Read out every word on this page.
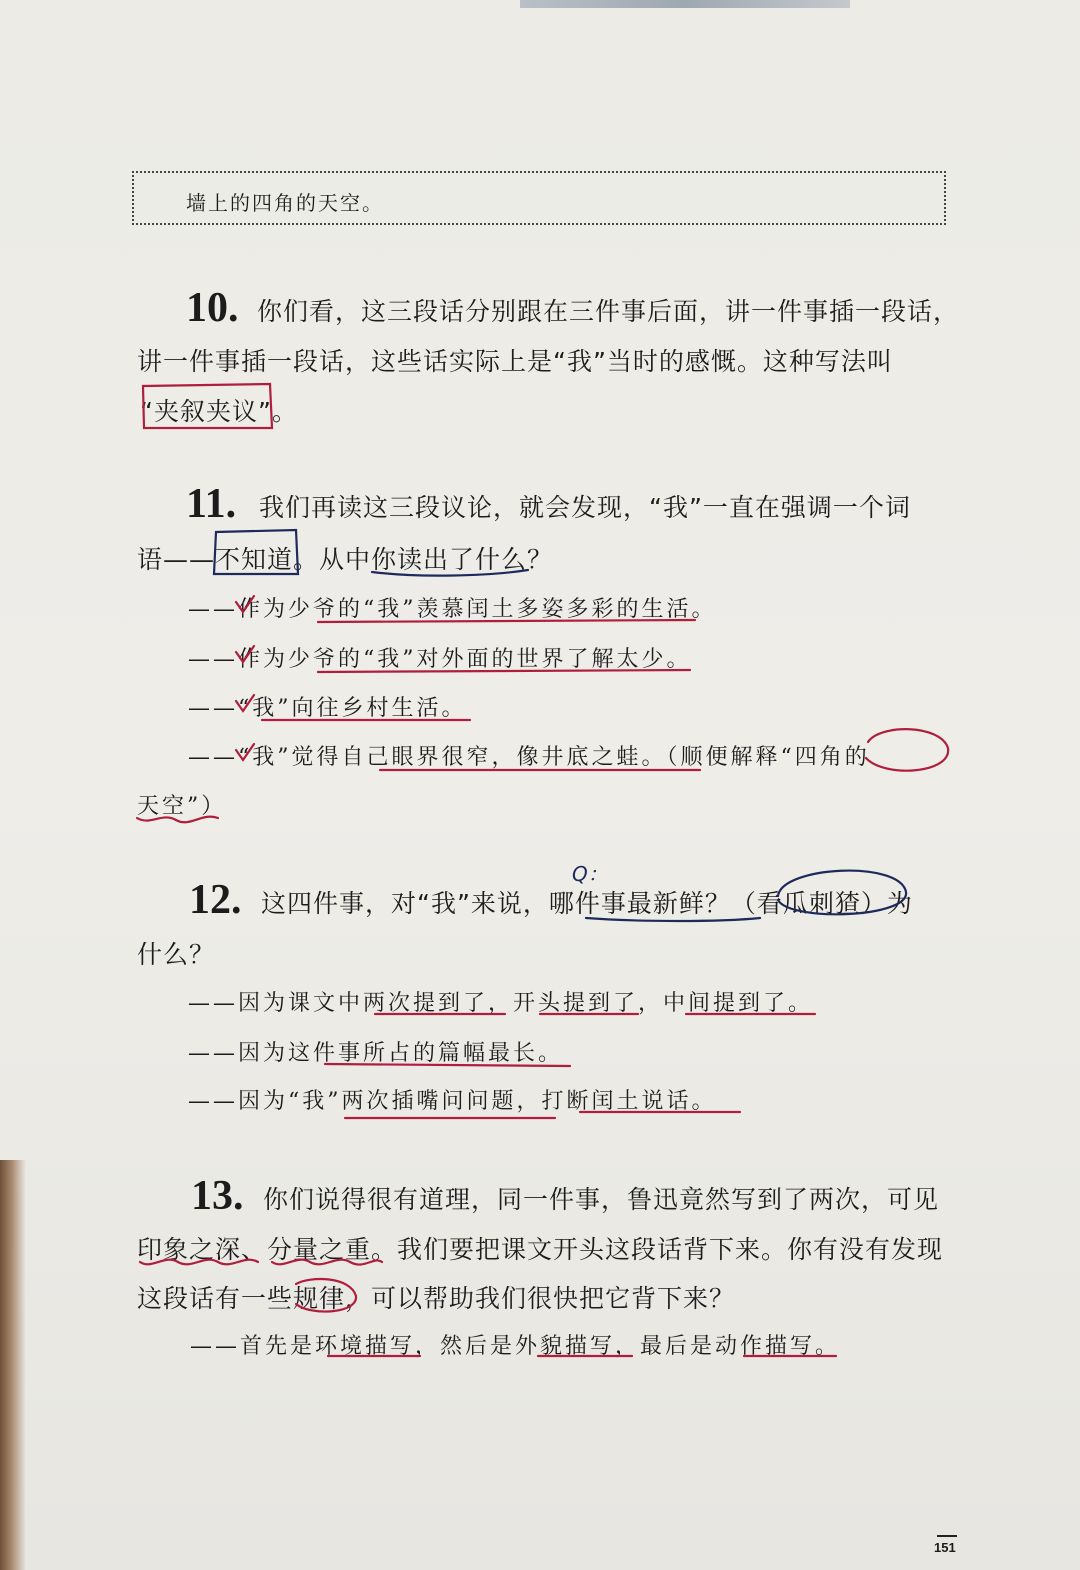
墙上的四角的天空。
10. 你们看，这三段话分别跟在三件事后面，讲一件事插一段话，
讲一件事插一段话，这些话实际上是“我”当时的感慨。这种写法叫
“夹叙夹议”。
11. 我们再读这三段议论，就会发现，“我”一直在强调一个词
语——不知道。从中你读出了什么？
——作为少爷的“我”羡慕闰土多姿多彩的生活。
——作为少爷的“我”对外面的世界了解太少。
——“我”向往乡村生活。
——“我”觉得自己眼界很窄，像井底之蛙。（顺便解释“四角的
天空”）
12. 这四件事，对“我”来说，哪件事最新鲜？（看瓜刺猹）为
什么？
——因为课文中两次提到了，开头提到了，中间提到了。
——因为这件事所占的篇幅最长。
——因为“我”两次插嘴问问题，打断闰土说话。
Q：
13. 你们说得很有道理，同一件事，鲁迅竟然写到了两次，可见
印象之深、分量之重。我们要把课文开头这段话背下来。你有没有发现
这段话有一些规律，可以帮助我们很快把它背下来？
——首先是环境描写，然后是外貌描写，最后是动作描写。
151
